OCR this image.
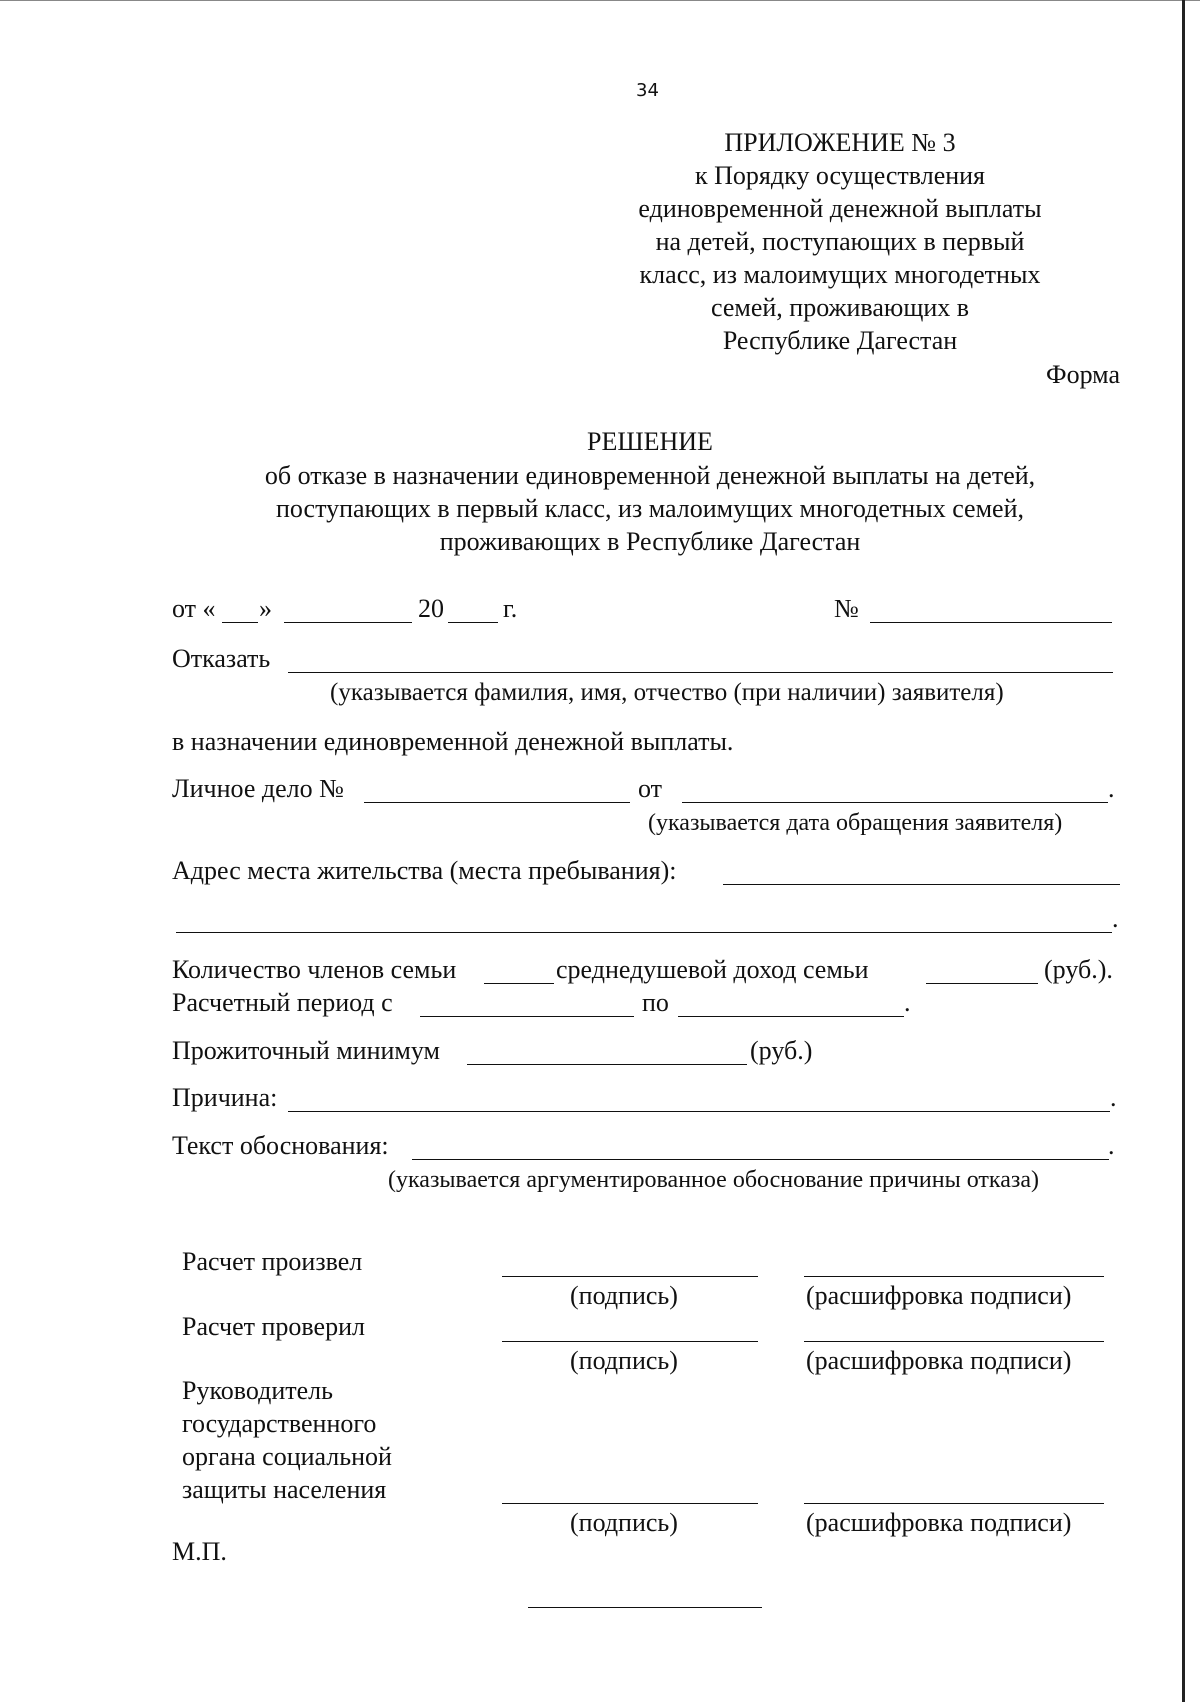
34
ПРИЛОЖЕНИЕ № 3
к Порядку осуществления
единовременной денежной выплаты
на детей, поступающих в первый
класс, из малоимущих многодетных
семей, проживающих в
Республике Дагестан
Форма
РЕШЕНИЕ
об отказе в назначении единовременной денежной выплаты на детей,
поступающих в первый класс, из малоимущих многодетных семей,
проживающих в Республике Дагестан
от « »	20 г.	№
Отказать
(указывается фамилия, имя, отчество (при наличии) заявителя)
в назначении единовременной денежной выплаты.
Личное дело №	от	.
(указывается дата обращения заявителя)
Адрес места жительства (места пребывания):
.
Количество членов семьи	среднедушевой доход семьи	(руб.).
Расчетный период с	по	.
Прожиточный минимум	(руб.)
Причина:	.
Текст обоснования:	.
(указывается аргументированное обоснование причины отказа)
Расчет произвел
(подпись)	(расшифровка подписи)
Расчет проверил
(подпись)	(расшифровка подписи)
Руководитель
государственного
органа социальной
защиты населения
(подпись)	(расшифровка подписи)
М.П.
